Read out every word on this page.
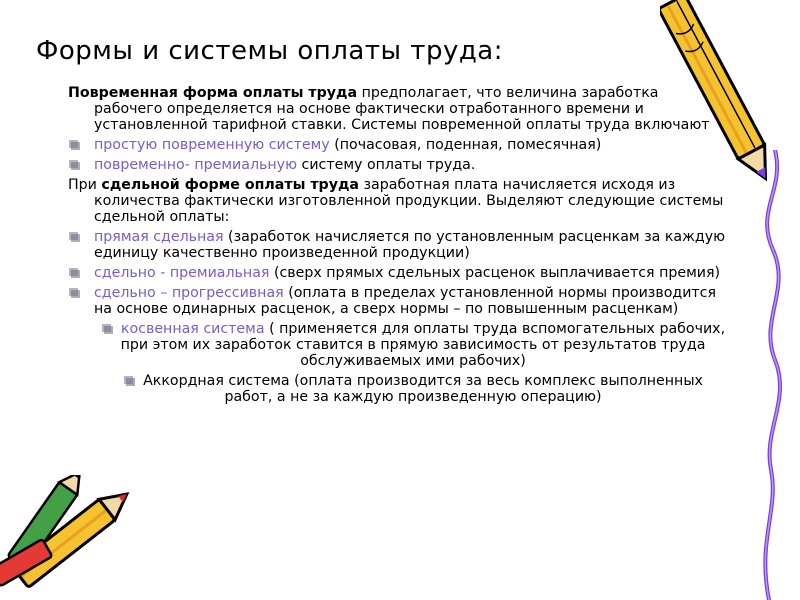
Формы и системы оплаты труда:
Повременная форма оплаты труда предполагает, что величина заработка рабочего определяется на основе фактически отработанного времени и установленной тарифной ставки. Системы повременной оплаты труда включают
простую повременную систему (почасовая, поденная, помесячная)
повременно- премиальную систему оплаты труда.
При сдельной форме оплаты труда заработная плата начисляется исходя из количества фактически изготовленной продукции. Выделяют следующие системы сдельной оплаты:
прямая сдельная (заработок начисляется по установленным расценкам за каждую единицу качественно произведенной продукции)
сдельно - премиальная (сверх прямых сдельных расценок выплачивается премия)
сдельно – прогрессивная (оплата в пределах установленной нормы производится на основе одинарных расценок, а сверх нормы – по повышенным расценкам)
косвенная система ( применяется для оплаты труда вспомогательных рабочих, при этом их заработок ставится в прямую зависимость от результатов труда обслуживаемых ими рабочих)
Аккордная система (оплата производится за весь комплекс выполненных работ, а не за каждую произведенную операцию)
